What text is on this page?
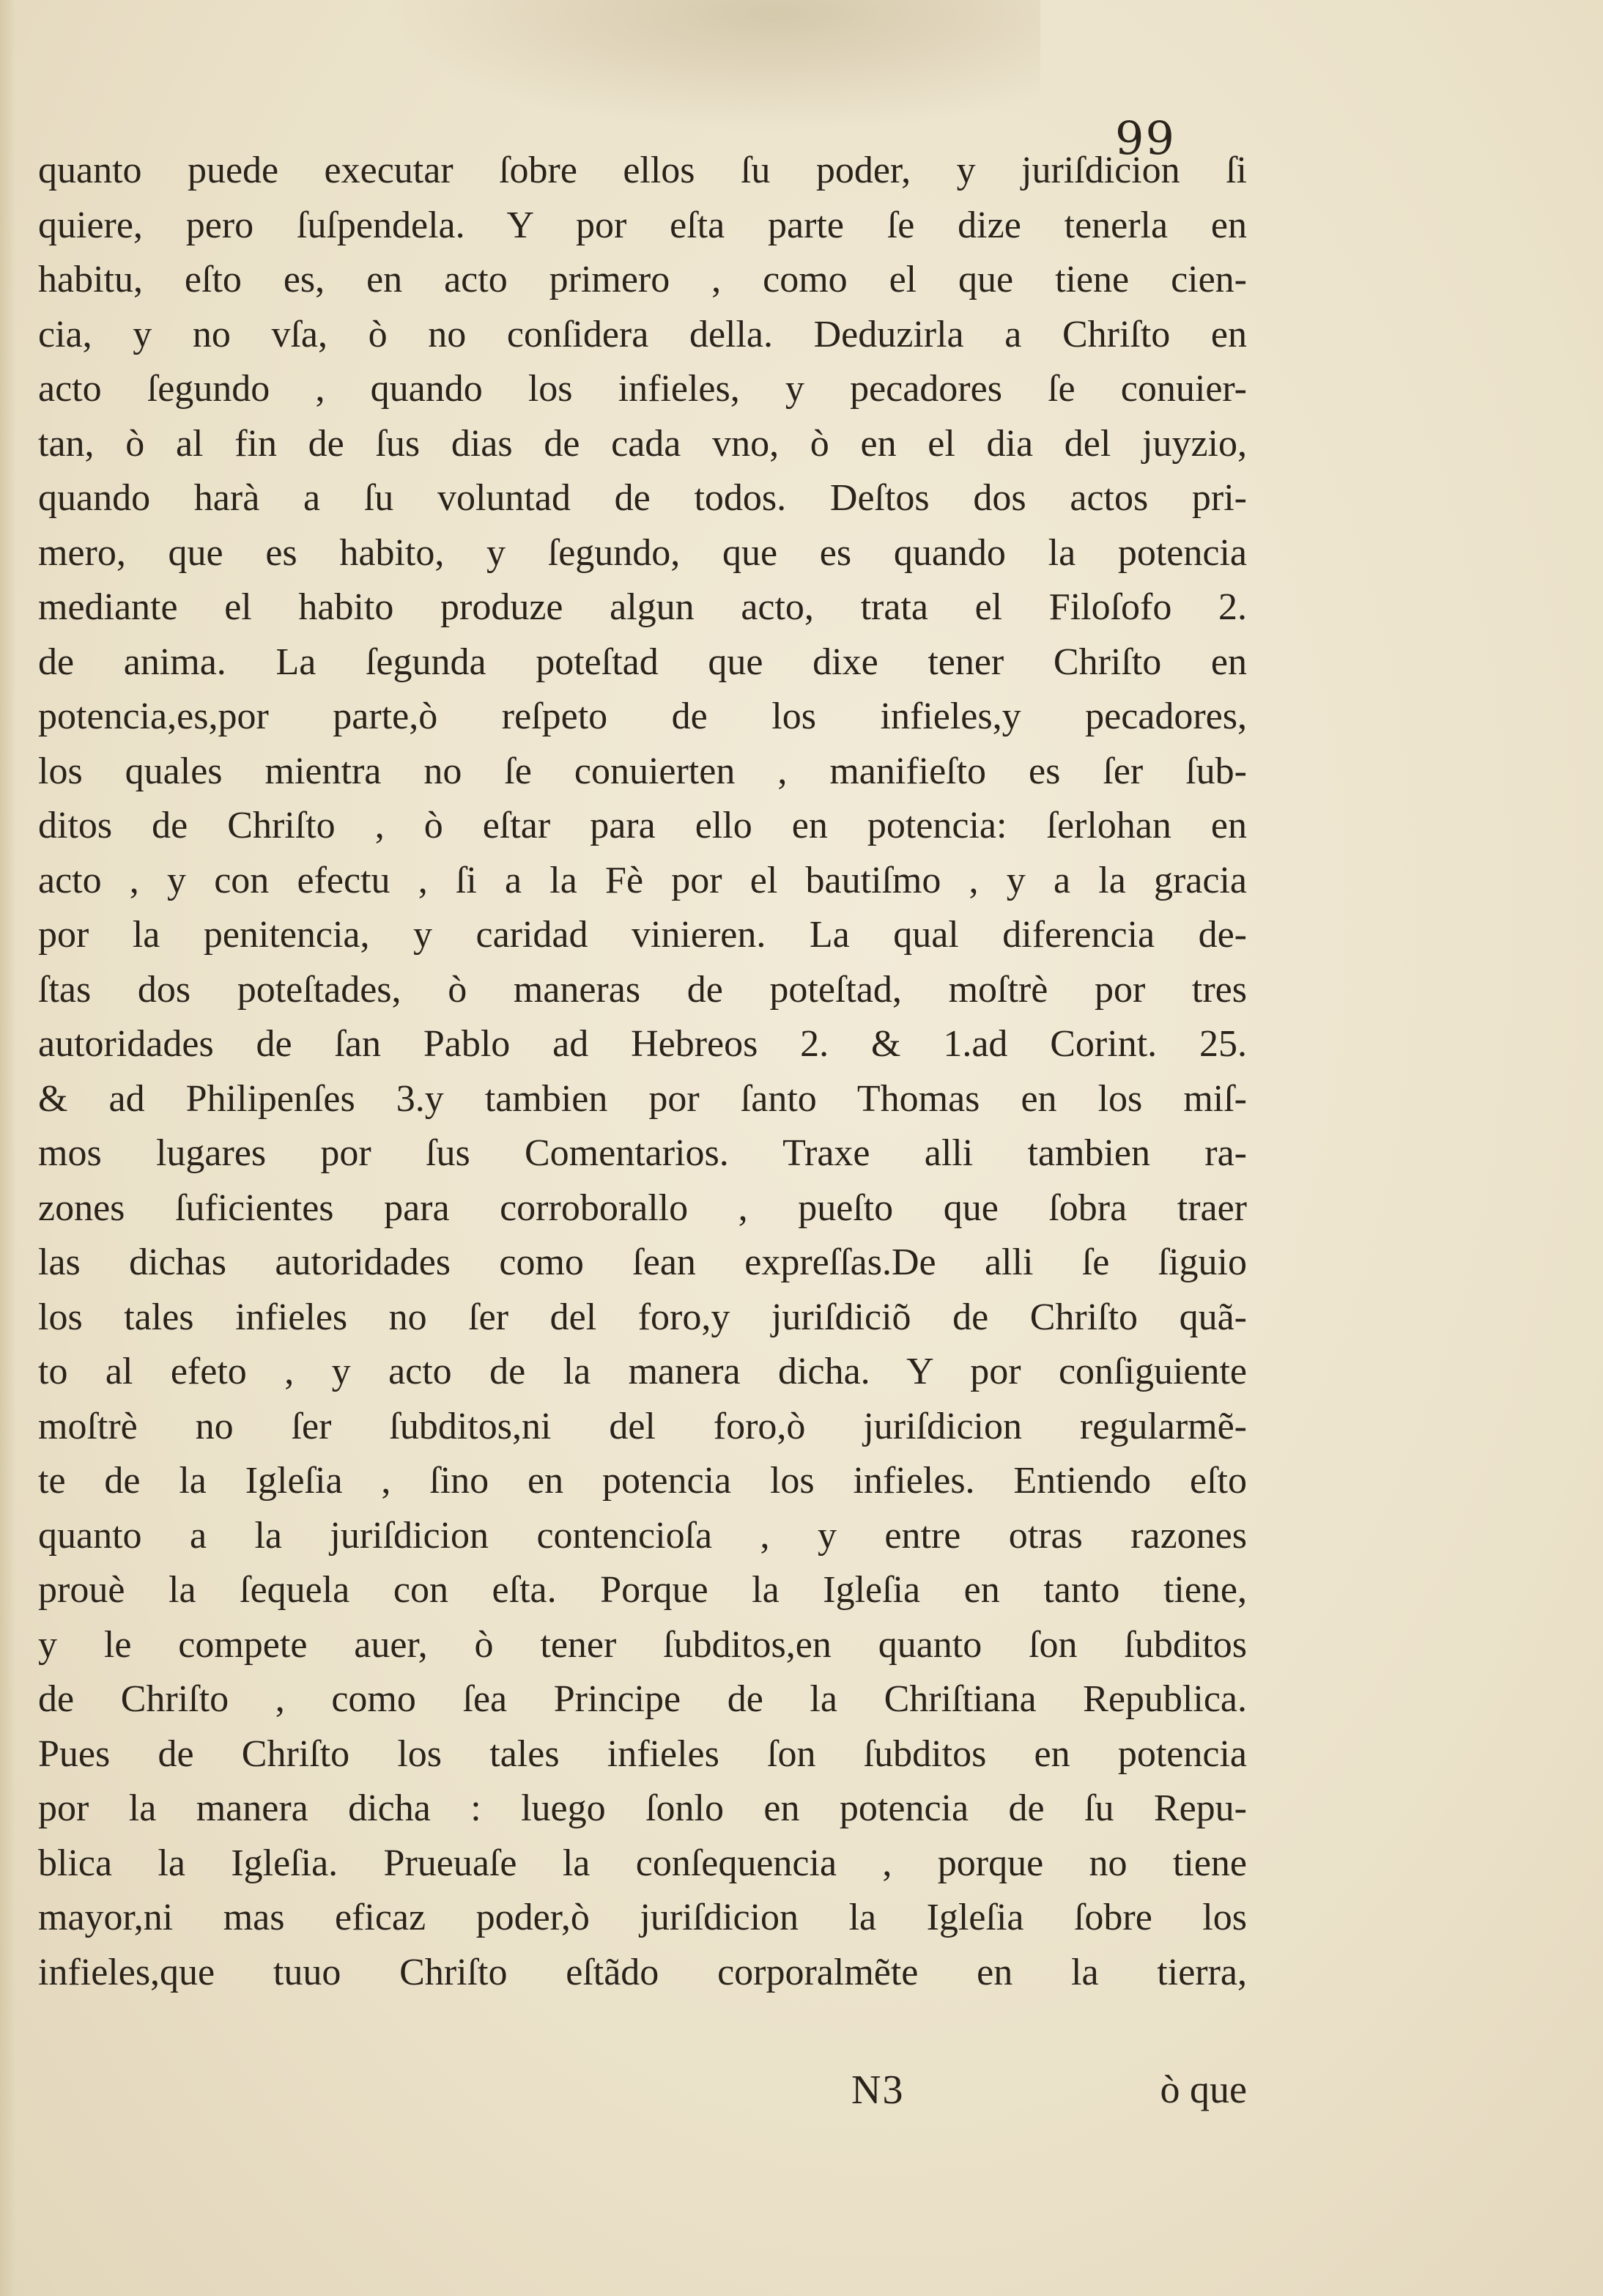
99
quanto puede executar ſobre ellos ſu poder, y juriſdicion ſi
quiere, pero ſuſpendela. Y por eſta parte ſe dize tenerla en
habitu, eſto es, en acto primero , como el que tiene cien-
cia, y no vſa, ò no conſidera della. Deduzirla a Chriſto en
acto ſegundo , quando los infieles, y pecadores ſe conuier-
tan, ò al fin de ſus dias de cada vno, ò en el dia del juyzio,
quando harà a ſu voluntad de todos. Deſtos dos actos pri-
mero, que es habito, y ſegundo, que es quando la potencia
mediante el habito produze algun acto, trata el Filoſofo 2.
de anima. La ſegunda poteſtad que dixe tener Chriſto en
potencia,es,por parte,ò reſpeto de los infieles,y pecadores,
los quales mientra no ſe conuierten , manifieſto es ſer ſub-
ditos de Chriſto , ò eſtar para ello en potencia: ſerlohan en
acto , y con efectu , ſi a la Fè por el bautiſmo , y a la gracia
por la penitencia, y caridad vinieren. La qual diferencia de-
ſtas dos poteſtades, ò maneras de poteſtad, moſtrè por tres
autoridades de ſan Pablo ad Hebreos 2. & 1.ad Corint. 25.
& ad Philipenſes 3.y tambien por ſanto Thomas en los miſ-
mos lugares por ſus Comentarios. Traxe alli tambien ra-
zones ſuficientes para corroborallo , pueſto que ſobra traer
las dichas autoridades como ſean expreſſas.De alli ſe ſiguio
los tales infieles no ſer del foro,y juriſdiciõ de Chriſto quã-
to al efeto , y acto de la manera dicha. Y por conſiguiente
moſtrè no ſer ſubditos,ni del foro,ò juriſdicion regularmẽ-
te de la Igleſia , ſino en potencia los infieles. Entiendo eſto
quanto a la juriſdicion contencioſa , y entre otras razones
prouè la ſequela con eſta. Porque la Igleſia en tanto tiene,
y le compete auer, ò tener ſubditos,en quanto ſon ſubditos
de Chriſto , como ſea Principe de la Chriſtiana Republica.
Pues de Chriſto los tales infieles ſon ſubditos en potencia
por la manera dicha : luego ſonlo en potencia de ſu Repu-
blica la Igleſia. Prueuaſe la conſequencia , porque no tiene
mayor,ni mas eficaz poder,ò juriſdicion la Igleſia ſobre los
infieles,que tuuo Chriſto eſtãdo corporalmẽte en la tierra,
N3	ò que
